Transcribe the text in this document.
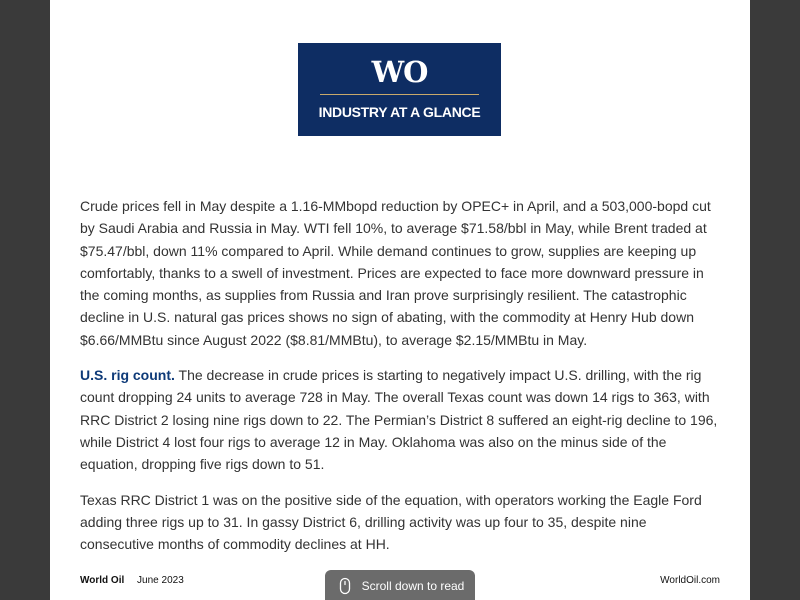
WO
INDUSTRY AT A GLANCE

Crude prices fell in May despite a 1.16-MMbopd reduction by OPEC+ in April, and a 503,000-bopd cut by Saudi Arabia and Russia in May. WTI fell 10%, to average $71.58/bbl in May, while Brent traded at $75.47/bbl, down 11% compared to April. While demand continues to grow, supplies are keeping up comfortably, thanks to a swell of investment. Prices are expected to face more downward pressure in the coming months, as supplies from Russia and Iran prove surprisingly resilient. The catastrophic decline in U.S. natural gas prices shows no sign of abating, with the commodity at Henry Hub down $6.66/MMBtu since August 2022 ($8.81/MMBtu), to average $2.15/MMBtu in May.

U.S. rig count. The decrease in crude prices is starting to negatively impact U.S. drilling, with the rig count dropping 24 units to average 728 in May. The overall Texas count was down 14 rigs to 363, with RRC District 2 losing nine rigs down to 22. The Permian’s District 8 suffered an eight-rig decline to 196, while District 4 lost four rigs to average 12 in May. Oklahoma was also on the minus side of the equation, dropping five rigs down to 51.

Texas RRC District 1 was on the positive side of the equation, with operators working the Eagle Ford adding three rigs up to 31. In gassy District 6, drilling activity was up four to 35, despite nine consecutive months of commodity declines at HH.

World Oil June 2023	WorldOil.com
Scroll down to read
